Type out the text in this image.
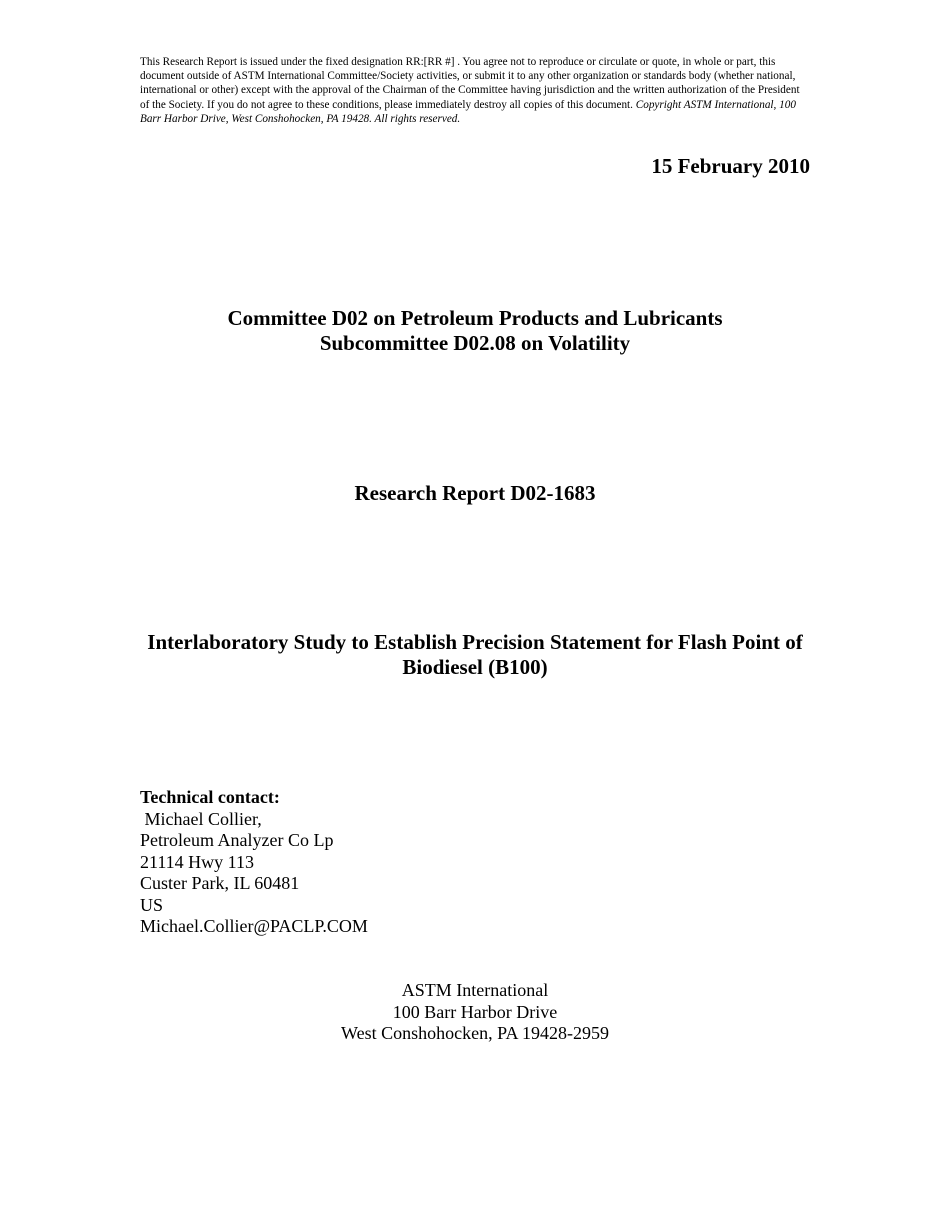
This Research Report is issued under the fixed designation RR:[RR #] . You agree not to reproduce or circulate or quote, in whole or part, this document outside of ASTM International Committee/Society activities, or submit it to any other organization or standards body (whether national, international or other) except with the approval of the Chairman of the Committee having jurisdiction and the written authorization of the President of the Society. If you do not agree to these conditions, please immediately destroy all copies of this document. Copyright ASTM International, 100 Barr Harbor Drive, West Conshohocken, PA 19428. All rights reserved.
15 February 2010
Committee D02 on Petroleum Products and Lubricants
Subcommittee D02.08 on Volatility
Research Report D02-1683
Interlaboratory Study to Establish Precision Statement for Flash Point of Biodiesel (B100)
Technical contact:
Michael Collier,
Petroleum Analyzer Co Lp
21114 Hwy 113
Custer Park, IL 60481
US
Michael.Collier@PACLP.COM
ASTM International
100 Barr Harbor Drive
West Conshohocken, PA 19428-2959
